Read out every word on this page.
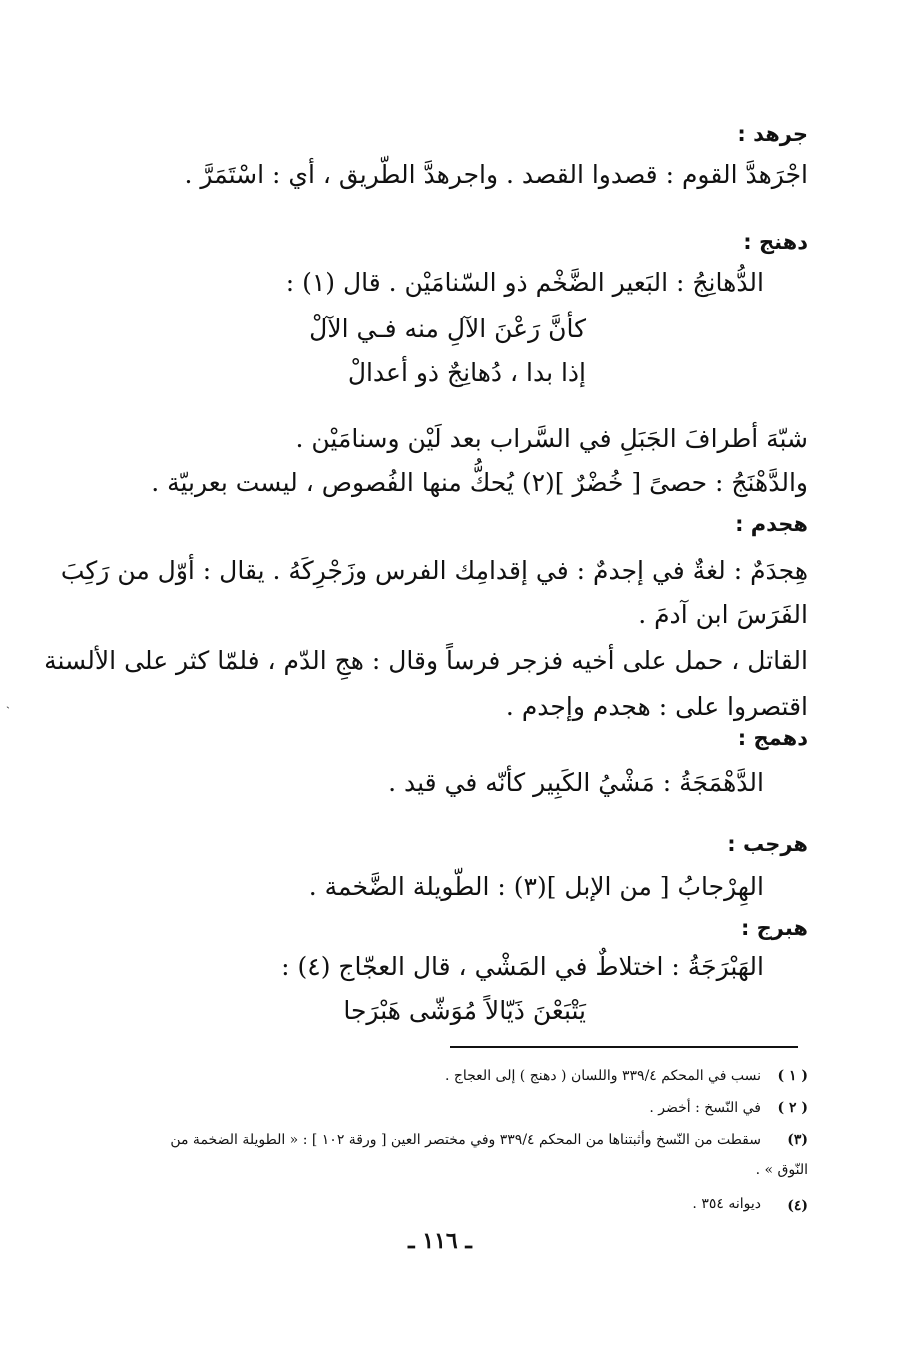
جرهد :
اجْرَهدَّ القوم : قصدوا القصد . واجرهدَّ الطّريق ، أي : اسْتَمَرَّ .
دهنج :
الدُّهانِجُ : البَعير الضَّخْم ذو السّنامَيْن . قال (١) :
كأنَّ رَعْنَ الآلِ منه فـي الآلْ
إذا بدا ، دُهانِجٌ ذو أعدالْ
شبّهَ أطرافَ الجَبَلِ في السَّراب بعد لَيْن وسنامَيْن .
والدَّهْنَجُ : حصىً [ خُضْرٌ ](٢) يُحكُّ منها الفُصوص ، ليست بعربيّة .
هجدم :
هِجدَمٌ : لغةٌ في إجدمٌ : في إقدامِك الفرس وزَجْرِكَهُ . يقال : أوّل من رَكِبَ
الفَرَسَ ابن آدمَ .
القاتل ، حمل على أخيه فزجر فرساً وقال : هجِ الدّم ، فلمّا كثر على الألسنة
اقتصروا على : هجدم وإجدم .
دهمج :
الدَّهْمَجَةُ : مَشْيُ الكَبِير كأنّه في قيد .
هرجب :
الهِرْجابُ [ من الإبل ](٣) : الطّويلة الضَّخمة .
هبرج :
الهَبْرَجَةُ : اختلاطٌ في المَشْي ، قال العجّاج (٤) :
يَتْبَعْنَ ذَيّالاً مُوَشّى هَبْرَجا
( ١ )
نسب في المحكم ٣٣٩/٤ واللسان ( دهنج ) إلى العجاج .
( ٢ )
في النّسخ : أخضر .
(٣)
سقطت من النّسخ وأثبتناها من المحكم ٣٣٩/٤ وفي مختصر العين [ ورقة ١٠٢ ] : « الطويلة الضخمة من
النّوق » .
(٤)
ديوانه ٣٥٤ .
ـ ١١٦ ـ
ˎ
